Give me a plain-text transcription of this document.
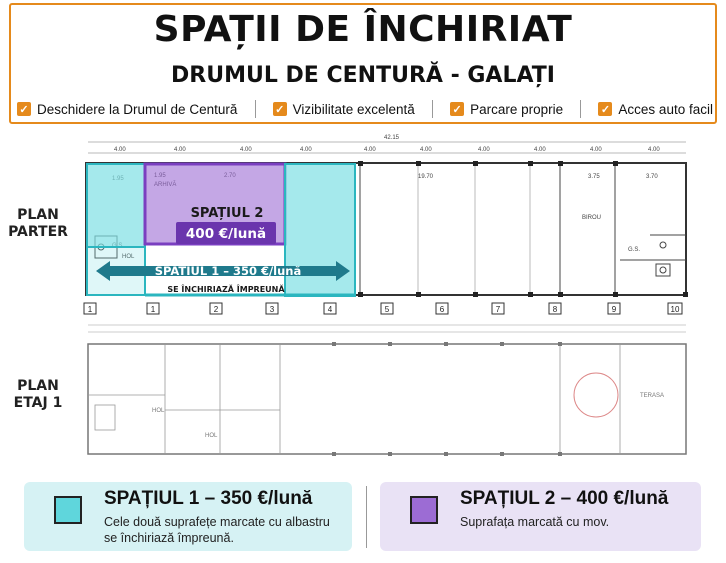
SPAȚII DE ÎNCHIRIAT
DRUMUL DE CENTURĂ - GALAȚI
✓ Deschidere la Drumul de Centură	✓ Vizibilitate excelentă	✓ Parcare proprie	✓ Acces auto facil
PLAN
PARTER
PLAN
ETAJ 1
42.15
4.00	4.00	4.00	4.00	4.00	4.00	4.00	4.00	4.00	4.00
19.70	3.75	3.70
HOL
BIROU
G.S.
SPAȚIUL 2
400 €/lună
SPAȚIUL 1 – 350 €/lună
SE ÎNCHIRIAZĂ ÎMPREUNĂ
1	1	2	3	4	5	6	7	8	9	10
HOL
HOL
TERASA
SPAȚIUL 1 – 350 €/lună
Cele două suprafețe marcate cu albastru
se închiriază împreună.
SPAȚIUL 2 – 400 €/lună
Suprafața marcată cu mov.
